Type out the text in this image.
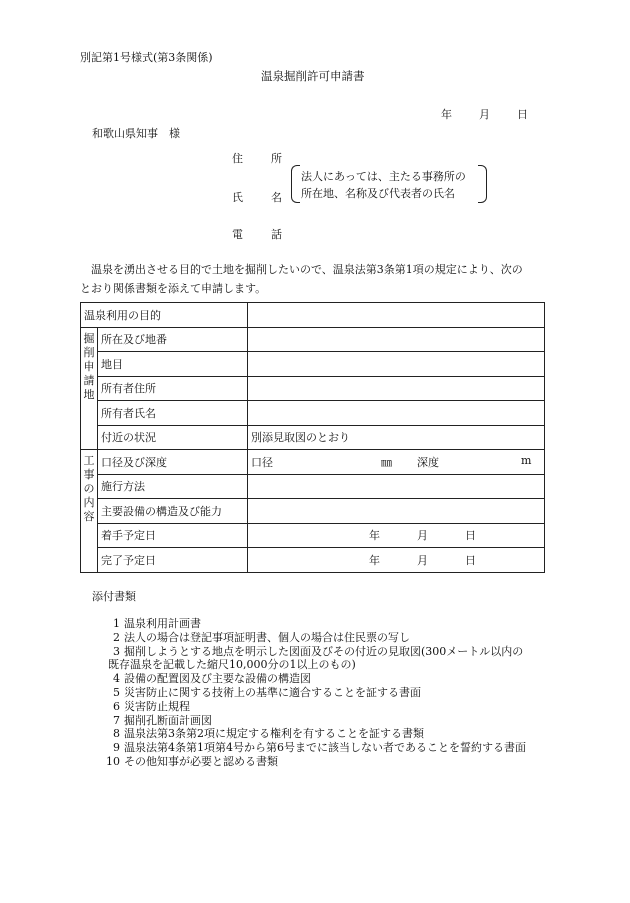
別記第1号様式(第3条関係)
温泉掘削許可申請書
年 月 日
和歌山県知事　様
住	所
法人にあっては、主たる事務所の
所在地、名称及び代表者の氏名
氏	名
電	話

　温泉を湧出させる目的で土地を掘削したいので、温泉法第3条第1項の規定により、次の

とおり関係書類を添えて申請します。

温泉利用の目的		

掘
削
申
請
地	所在及び地番	
	地目	
	所有者住所	
	所有者氏名	
	付近の状況	別添見取図のとおり

工
事
の
内
容	口径及び深度	口径 ㎜ 深度 m

	施行方法	
	主要設備の構造及び能力	
	着手予定日	年 月 日

	完了予定日	年 月 日
添付書類
1 温泉利用計画書
2 法人の場合は登記事項証明書、個人の場合は住民票の写し
3 掘削しようとする地点を明示した図面及びその付近の見取図(300メートル以内の
既存温泉を記載した縮尺10,000分の1以上のもの)
4 設備の配置図及び主要な設備の構造図
5 災害防止に関する技術上の基準に適合することを証する書面
6 災害防止規程
7 掘削孔断面計画図
8 温泉法第3条第2項に規定する権利を有することを証する書類
9 温泉法第4条第1項第4号から第6号までに該当しない者であることを誓約する書面
10 その他知事が必要と認める書類
